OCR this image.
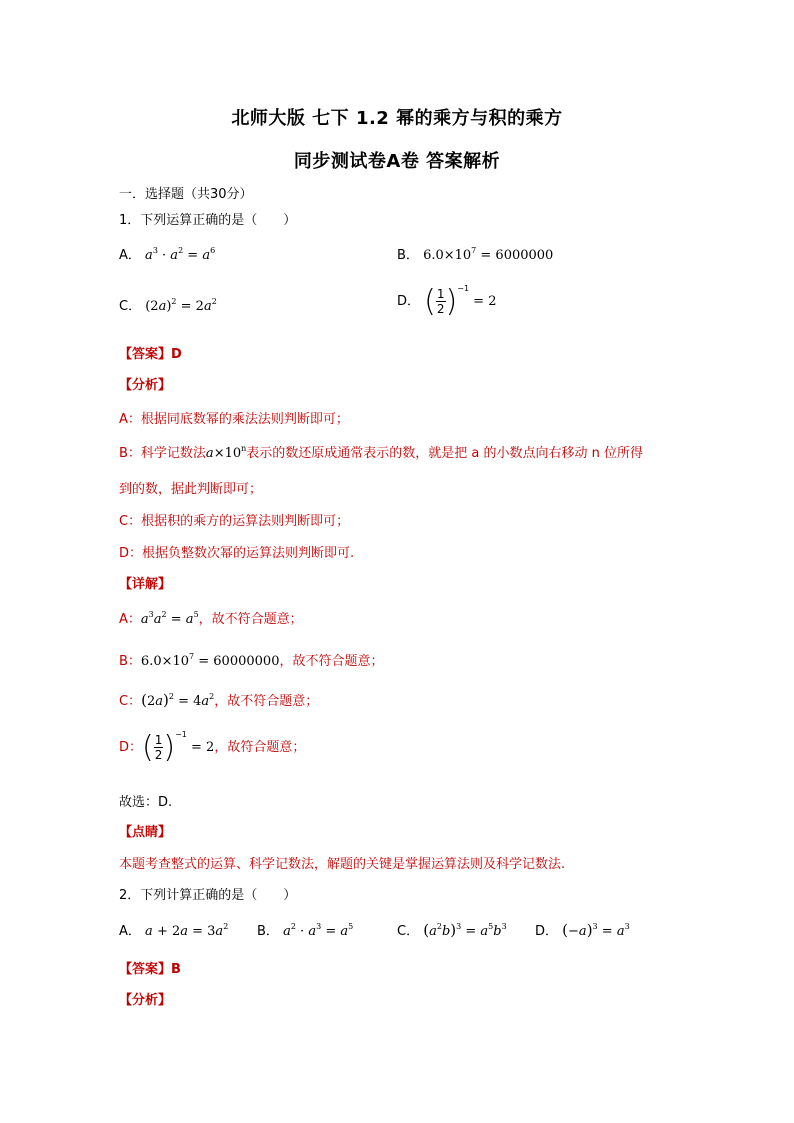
北师大版 七下 1.2 幂的乘方与积的乘方
同步测试卷A卷 答案解析
一．选择题（共30分）
1．下列运算正确的是（　　）
A． $a^3 \cdot a^2 = a^6$	B． $6.0\times 10^7 = 6000000$
C． $(2a)^2 = 2a^2$	D． ( $\frac{1}{2} )^{-1} = 2$
【答案】D
【分析】
A：根据同底数幂的乘法法则判断即可；
B：科学记数法$a\times 10^n$表示的数还原成通常表示的数，就是把 a 的小数点向右移动 n 位所得
到的数，据此判断即可；
C：根据积的乘方的运算法则判断即可；
D：根据负整数次幂的运算法则判断即可.
【详解】
A：$a^3a^2 = a^5$，故不符合题意；
B：$6.0\times 10^7 = 60000000$，故不符合题意；
C：$(2a)^2 = 4a^2$，故不符合题意；
D：( $\frac{1}{2} )^{-1} = 2$，故符合题意；
故选：D.
【点睛】
本题考查整式的运算、科学记数法，解题的关键是掌握运算法则及科学记数法.
2．下列计算正确的是（　　）
A． $a + 2a = 3a^2$ B． $a^2 \cdot a^3 = a^5$	C． $(a^2b)^3 = a^5b^3$ D． $(-a)^3 = a^3$
【答案】B
【分析】
